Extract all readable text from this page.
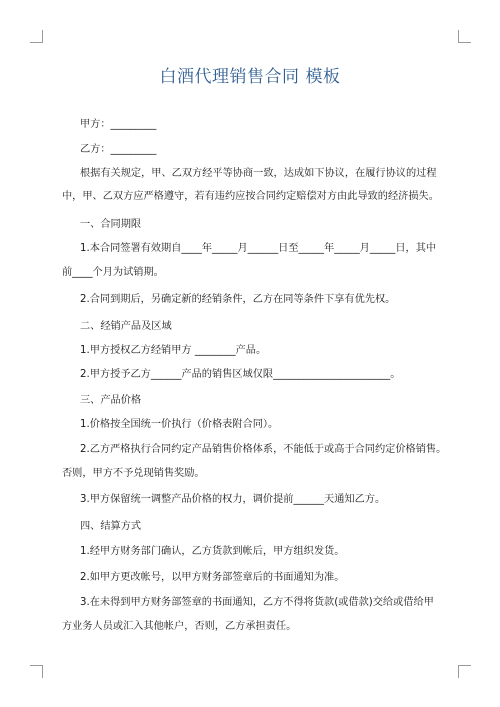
白酒代理销售合同 模板
甲方：_________
乙方：_________
根据有关规定，甲、乙双方经平等协商一致，达成如下协议，在履行协议的过程
中，甲、乙双方应严格遵守，若有违约应按合同约定赔偿对方由此导致的经济损失。
一、合同期限
1.本合同签署有效期自____年_____月______日至_____年_____月_____日，其中
前____个月为试销期。
2.合同到期后，另确定新的经销条件，乙方在同等条件下享有优先权。
二、经销产品及区域
1.甲方授权乙方经销甲方 ________产品。
2.甲方授予乙方______产品的销售区域仅限_______________________。
三、产品价格
1.价格按全国统一价执行（价格表附合同）。
2.乙方严格执行合同约定产品销售价格体系，不能低于或高于合同约定价格销售。
否则，甲方不予兑现销售奖励。
3.甲方保留统一调整产品价格的权力，调价提前______天通知乙方。
四、结算方式
1.经甲方财务部门确认，乙方货款到帐后，甲方组织发货。
2.如甲方更改帐号，以甲方财务部签章后的书面通知为准。
3.在未得到甲方财务部签章的书面通知，乙方不得将货款(或借款)交给或借给甲
方业务人员或汇入其他帐户，否则，乙方承担责任。
